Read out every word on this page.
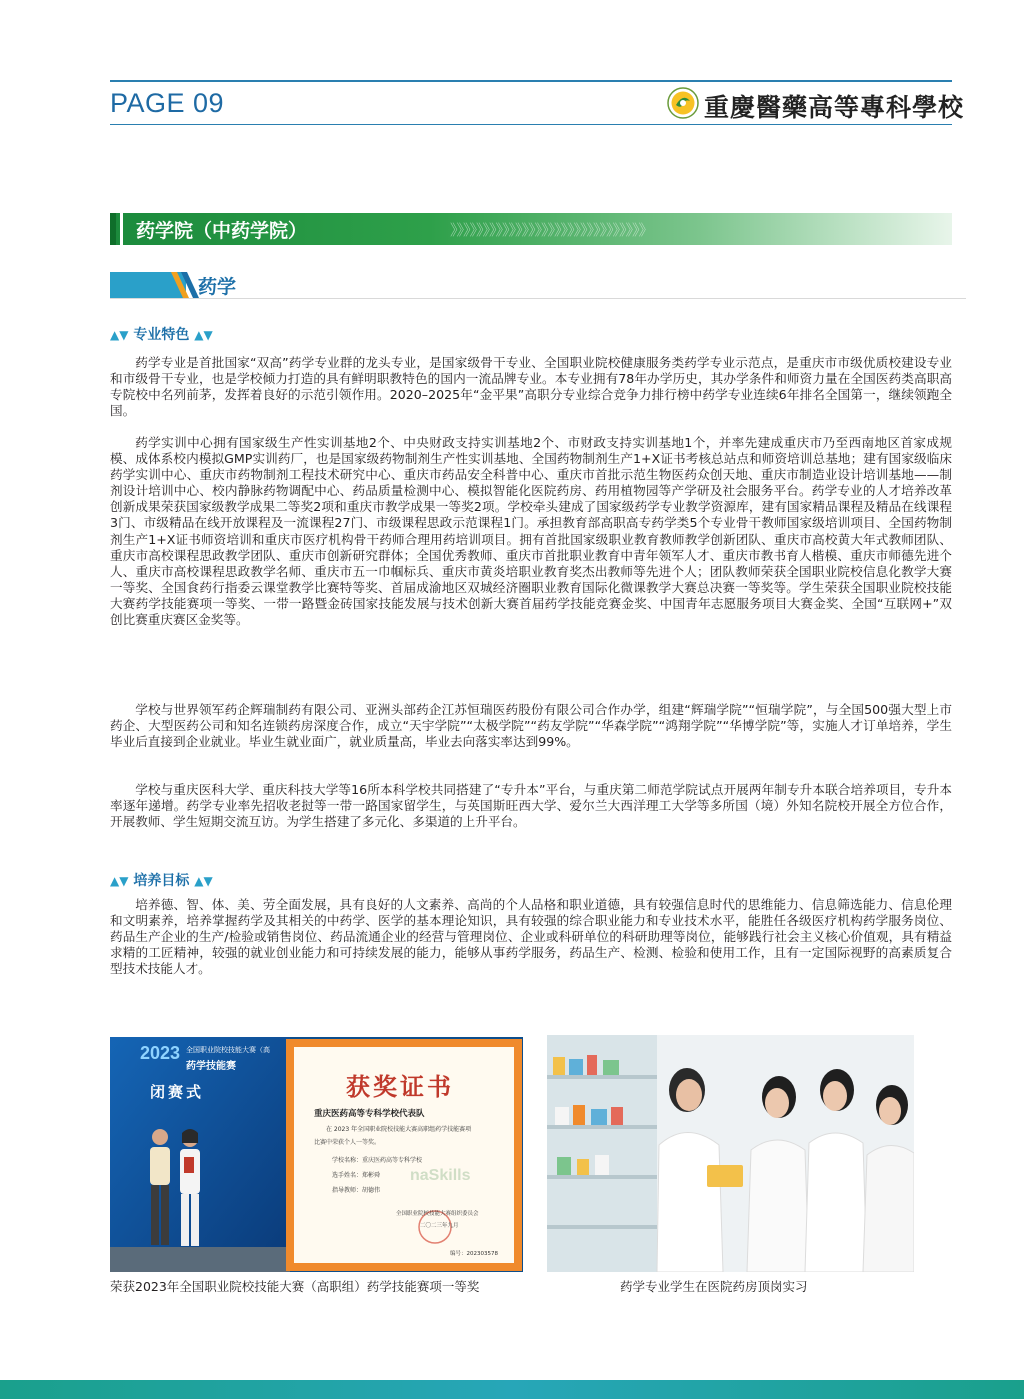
PAGE 09	重慶醫藥高等專科學校
药学院（中药学院）	》》》》》》》》》》》》》》》》》》》》》》》》》》》》》》
药学
▲▼ 专业特色 ▲▼

药学专业是首批国家“双高”药学专业群的龙头专业，是国家级骨干专业、全国职业院校健康服务类药学专业示范点，是重庆市市级优质校建设专业和市级骨干专业，也是学校倾力打造的具有鲜明职教特色的国内一流品牌专业。本专业拥有78年办学历史，其办学条件和师资力量在全国医药类高职高专院校中名列前茅，发挥着良好的示范引领作用。2020–2025年“金平果”高职分专业综合竞争力排行榜中药学专业连续6年排名全国第一，继续领跑全国。

药学实训中心拥有国家级生产性实训基地2个、中央财政支持实训基地2个、市财政支持实训基地1个，并率先建成重庆市乃至西南地区首家成规模、成体系校内模拟GMP实训药厂，也是国家级药物制剂生产性实训基地、全国药物制剂生产1+X证书考核总站点和师资培训总基地；建有国家级临床药学实训中心、重庆市药物制剂工程技术研究中心、重庆市药品安全科普中心、重庆市首批示范生物医药众创天地、重庆市制造业设计培训基地——制剂设计培训中心、校内静脉药物调配中心、药品质量检测中心、模拟智能化医院药房、药用植物园等产学研及社会服务平台。药学专业的人才培养改革创新成果荣获国家级教学成果二等奖2项和重庆市教学成果一等奖2项。学校牵头建成了国家级药学专业教学资源库，建有国家精品课程及精品在线课程3门、市级精品在线开放课程及一流课程27门、市级课程思政示范课程1门。承担教育部高职高专药学类5个专业骨干教师国家级培训项目、全国药物制剂生产1+X证书师资培训和重庆市医疗机构骨干药师合理用药培训项目。拥有首批国家级职业教育教师教学创新团队、重庆市高校黄大年式教师团队、重庆市高校课程思政教学团队、重庆市创新研究群体；全国优秀教师、重庆市首批职业教育中青年领军人才、重庆市教书育人楷模、重庆市师德先进个人、重庆市高校课程思政教学名师、重庆市五一巾帼标兵、重庆市黄炎培职业教育奖杰出教师等先进个人；团队教师荣获全国职业院校信息化教学大赛一等奖、全国食药行指委云课堂教学比赛特等奖、首届成渝地区双城经济圈职业教育国际化微课教学大赛总决赛一等奖等。学生荣获全国职业院校技能大赛药学技能赛项一等奖、一带一路暨金砖国家技能发展与技术创新大赛首届药学技能竞赛金奖、中国青年志愿服务项目大赛金奖、全国“互联网+”双创比赛重庆赛区金奖等。

学校与世界领军药企辉瑞制药有限公司、亚洲头部药企江苏恒瑞医药股份有限公司合作办学，组建“辉瑞学院”“恒瑞学院”，与全国500强大型上市药企、大型医药公司和知名连锁药房深度合作，成立“天宇学院”“太极学院”“药友学院”“华森学院”“鸿翔学院”“华博学院”等，实施人才订单培养，学生毕业后直接到企业就业。毕业生就业面广，就业质量高，毕业去向落实率达到99%。

学校与重庆医科大学、重庆科技大学等16所本科学校共同搭建了“专升本”平台，与重庆第二师范学院试点开展两年制专升本联合培养项目，专升本率逐年递增。药学专业率先招收老挝等一带一路国家留学生，与英国斯旺西大学、爱尔兰大西洋理工大学等多所国（境）外知名院校开展全方位合作，开展教师、学生短期交流互访。为学生搭建了多元化、多渠道的上升平台。

▲▼ 培养目标 ▲▼

培养德、智、体、美、劳全面发展，具有良好的人文素养、高尚的个人品格和职业道德，具有较强信息时代的思维能力、信息筛选能力、信息伦理和文明素养，培养掌握药学及其相关的中药学、医学的基本理论知识，具有较强的综合职业能力和专业技术水平，能胜任各级医疗机构药学服务岗位、药品生产企业的生产/检验或销售岗位、药品流通企业的经营与管理岗位、企业或科研单位的科研助理等岗位，能够践行社会主义核心价值观，具有精益求精的工匠精神，较强的就业创业能力和可持续发展的能力，能够从事药学服务，药品生产、检测、检验和使用工作，且有一定国际视野的高素质复合型技术技能人才。

2023 全国职业院校技能大赛（高
药学技能赛
闭赛式	获奖证书
重庆医药高等专科学校代表队
在 2023 年全国职业院校技能大赛高职组药学技能赛项
比赛中荣获个人一等奖。
学校名称：重庆医药高等专科学校
选手姓名：郑彬舜
指导教师：胡德伟
naSkills
全国职业院校技能大赛组织委员会
二〇二三年九月
编号：202303578
荣获2023年全国职业院校技能大赛（高职组）药学技能赛项一等奖	药学专业学生在医院药房顶岗实习
